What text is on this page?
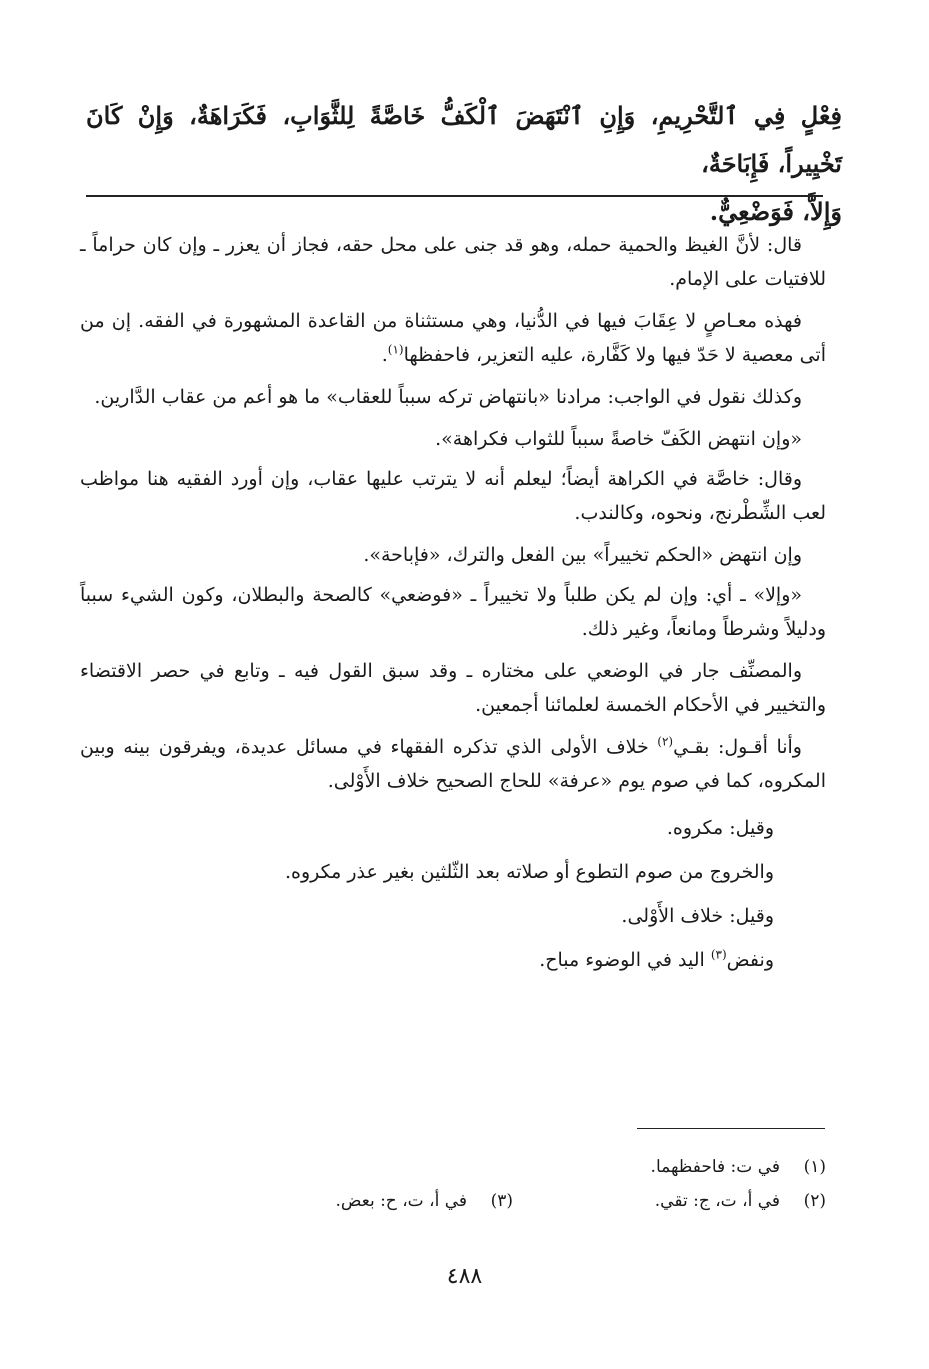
فِعْلٍ فِي ٱلتَّحْرِيمِ، وَإِنِ ٱنْتَهَضَ ٱلْكَفُّ خَاصَّةً لِلثَّوَابِ، فَكَرَاهَةٌ، وَإِنْ كَانَ تَخْيِيراً، فَإِبَاحَةٌ،
وَإِلاَّ، فَوَضْعِيٌّ.

قال: لأنَّ الغيظ والحمية حمله، وهو قد جنى على محل حقه، فجاز أن يعزر ـ وإن كان حراماً ـ للافتيات على الإمام.

فهذه معـاصٍ لا عِقَابَ فيها في الدُّنيا، وهي مستثناة من القاعدة المشهورة في الفقه. إن من أتى معصية لا حَدّ فيها ولا كَفَّارة، عليه التعزير، فاحفظها$^{(١)}$.

وكذلك نقول في الواجب: مرادنا «بانتهاض تركه سبباً للعقاب» ما هو أعم من عقاب الدَّارين.

«وإن انتهض الكَفّ خاصةً سبباً للثواب فكراهة».

وقال: خاصَّة في الكراهة أيضاً؛ ليعلم أنه لا يترتب عليها عقاب، وإن أورد الفقيه هنا مواظب لعب الشِّطْرنج، ونحوه، وكالندب.

وإن انتهض «الحكم تخييراً» بين الفعل والترك، «فإباحة».

«وإلا» ـ أي: وإن لم يكن طلباً ولا تخييراً ـ «فوضعي» كالصحة والبطلان، وكون الشيء سبباً ودليلاً وشرطاً ومانعاً، وغير ذلك.

والمصنِّف جار في الوضعي على مختاره ـ وقد سبق القول فيه ـ وتابع في حصر الاقتضاء والتخيير في الأحكام الخمسة لعلمائنا أجمعين.

وأنا أقـول: بقـي$^{(٢)}$ خلاف الأولى الذي تذكره الفقهاء في مسائل عديدة، ويفرقون بينه وبين المكروه، كما في صوم يوم «عرفة» للحاج الصحيح خلاف الأَوْلى.

وقيل: مكروه.
والخروج من صوم التطوع أو صلاته بعد الثّلثين بغير عذر مكروه.
وقيل: خلاف الأَوْلى.
ونفض$^{(٣)}$ اليد في الوضوء مباح.
(١)في ت: فاحفظهما.
(٢)في أ، ت، ج: تقي.
(٣)في أ، ت، ح: بعض.
٤٨٨
